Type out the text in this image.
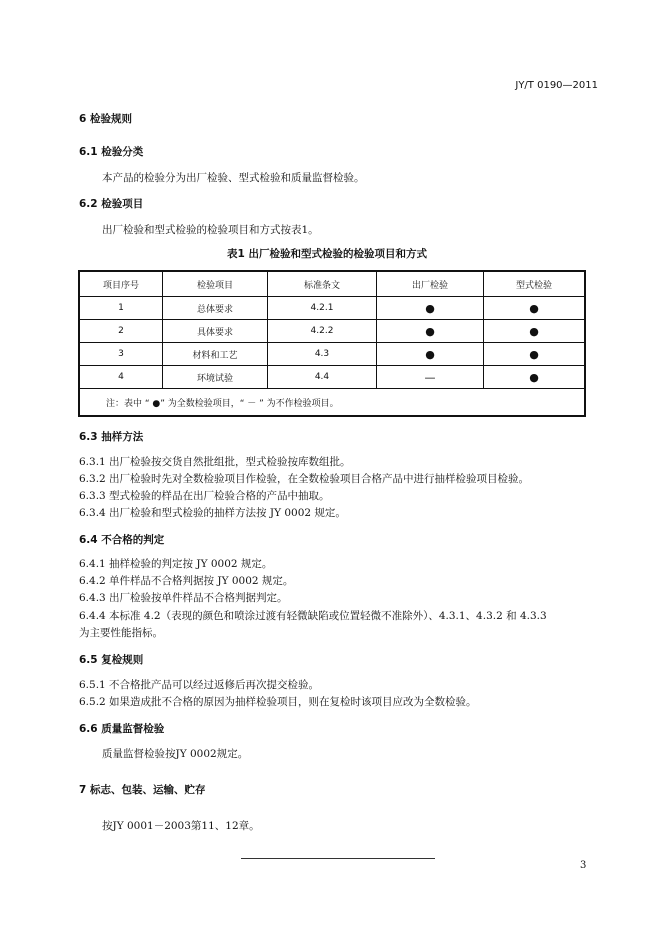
JY/T 0190—2011
6 检验规则
6.1 检验分类
本产品的检验分为出厂检验、型式检验和质量监督检验。
6.2 检验项目
出厂检验和型式检验的检验项目和方式按表1。
表1 出厂检验和型式检验的检验项目和方式
项目序号	检验项目	标准条文	出厂检验	型式检验
1	总体要求	4.2.1	●	●
2	具体要求	4.2.2	●	●
3	材料和工艺	4.3	●	●
4	环境试验	4.4	—	●
注：表中 “ ●” 为全数检验项目，“ － ” 为不作检验项目。				
6.3 抽样方法
6.3.1 出厂检验按交货自然批组批，型式检验按库数组批。
6.3.2 出厂检验时先对全数检验项目作检验，在全数检验项目合格产品中进行抽样检验项目检验。
6.3.3 型式检验的样品在出厂检验合格的产品中抽取。
6.3.4 出厂检验和型式检验的抽样方法按 JY 0002 规定。
6.4 不合格的判定
6.4.1 抽样检验的判定按 JY 0002 规定。
6.4.2 单件样品不合格判据按 JY 0002 规定。
6.4.3 出厂检验按单件样品不合格判据判定。
6.4.4 本标准 4.2（表现的颜色和喷涂过渡有轻微缺陷或位置轻微不准除外）、4.3.1、4.3.2 和 4.3.3
为主要性能指标。
6.5 复检规则
6.5.1 不合格批产品可以经过返修后再次提交检验。
6.5.2 如果造成批不合格的原因为抽样检验项目，则在复检时该项目应改为全数检验。
6.6 质量监督检验
质量监督检验按JY 0002规定。
7 标志、包装、运输、贮存
按JY 0001－2003第11、12章。
3
